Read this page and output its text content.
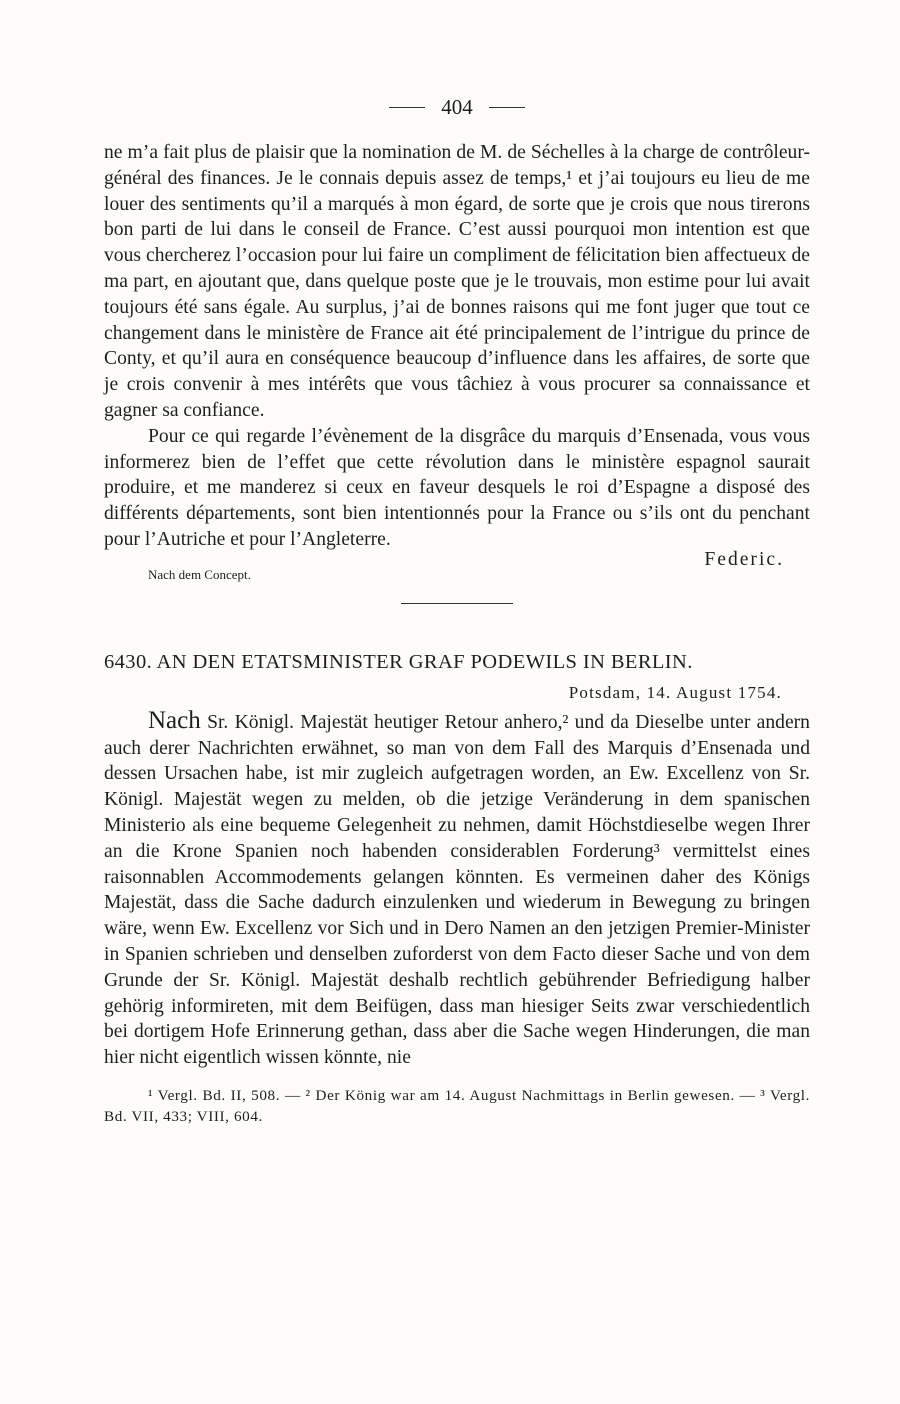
404

ne m’a fait plus de plaisir que la nomination de M. de Séchelles à la charge de contrôleur-général des finances. Je le connais depuis assez de temps,¹ et j’ai toujours eu lieu de me louer des sentiments qu’il a marqués à mon égard, de sorte que je crois que nous tirerons bon parti de lui dans le conseil de France. C’est aussi pourquoi mon intention est que vous chercherez l’occasion pour lui faire un compliment de félicitation bien affectueux de ma part, en ajoutant que, dans quelque poste que je le trouvais, mon estime pour lui avait toujours été sans égale. Au surplus, j’ai de bonnes raisons qui me font juger que tout ce changement dans le ministère de France ait été principalement de l’intrigue du prince de Conty, et qu’il aura en conséquence beaucoup d’influence dans les affaires, de sorte que je crois convenir à mes intérêts que vous tâchiez à vous procurer sa connaissance et gagner sa confiance.

Pour ce qui regarde l’évènement de la disgrâce du marquis d’Ensenada, vous vous informerez bien de l’effet que cette révolution dans le ministère espagnol saurait produire, et me manderez si ceux en faveur desquels le roi d’Espagne a disposé des différents départements, sont bien intentionnés pour la France ou s’ils ont du penchant pour l’Autriche et pour l’Angleterre.

Federic.
Nach dem Concept.
6430. AN DEN ETATSMINISTER GRAF PODEWILS IN BERLIN.
Potsdam, 14. August 1754.

Nach Sr. Königl. Majestät heutiger Retour anhero,² und da Dieselbe unter andern auch derer Nachrichten erwähnet, so man von dem Fall des Marquis d’Ensenada und dessen Ursachen habe, ist mir zugleich aufgetragen worden, an Ew. Excellenz von Sr. Königl. Majestät wegen zu melden, ob die jetzige Veränderung in dem spanischen Ministerio als eine bequeme Gelegenheit zu nehmen, damit Höchstdieselbe wegen Ihrer an die Krone Spanien noch habenden considerablen Forderung³ vermittelst eines raisonnablen Accommodements gelangen könnten. Es vermeinen daher des Königs Majestät, dass die Sache dadurch einzulenken und wiederum in Bewegung zu bringen wäre, wenn Ew. Excellenz vor Sich und in Dero Namen an den jetzigen Premier-Minister in Spanien schrieben und denselben zuforderst von dem Facto dieser Sache und von dem Grunde der Sr. Königl. Majestät deshalb rechtlich gebührender Befriedigung halber gehörig informireten, mit dem Beifügen, dass man hiesiger Seits zwar verschiedentlich bei dortigem Hofe Erinnerung gethan, dass aber die Sache wegen Hinderungen, die man hier nicht eigentlich wissen könnte, nie

¹ Vergl. Bd. II, 508. — ² Der König war am 14. August Nachmittags in Berlin gewesen. — ³ Vergl. Bd. VII, 433; VIII, 604.
